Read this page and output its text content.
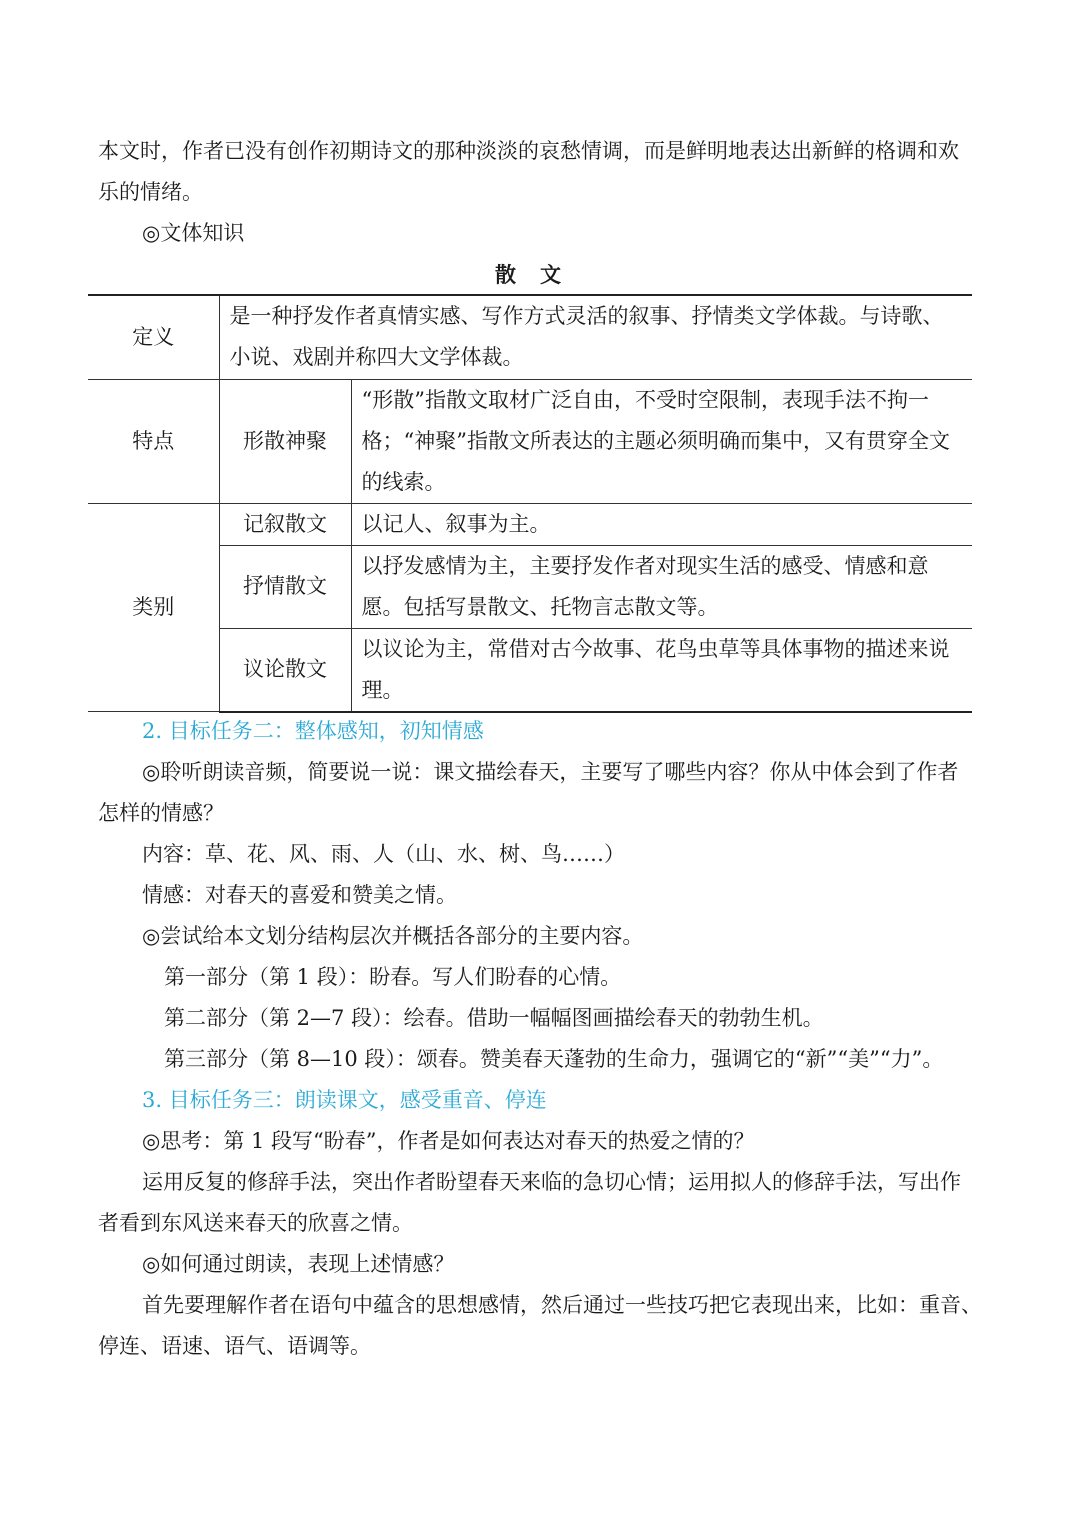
本文时，作者已没有创作初期诗文的那种淡淡的哀愁情调，而是鲜明地表达出新鲜的格调和欢

乐的情绪。

◎文体知识

散文
定义	是一种抒发作者真情实感、写作方式灵活的叙事、抒情类文学体裁。与诗歌、小说、戏剧并称四大文学体裁。	
特点	形散神聚	“形散”指散文取材广泛自由，不受时空限制，表现手法不拘一格；“神聚”指散文所表达的主题必须明确而集中，又有贯穿全文的线索。
类别	记叙散文	以记人、叙事为主。
	抒情散文	以抒发感情为主，主要抒发作者对现实生活的感受、情感和意愿。包括写景散文、托物言志散文等。
	议论散文	以议论为主，常借对古今故事、花鸟虫草等具体事物的描述来说理。

2. 目标任务二：整体感知，初知情感

◎聆听朗读音频，简要说一说：课文描绘春天，主要写了哪些内容？你从中体会到了作者

怎样的情感？

内容：草、花、风、雨、人（山、水、树、鸟……）

情感：对春天的喜爱和赞美之情。

◎尝试给本文划分结构层次并概括各部分的主要内容。

第一部分（第 1 段）：盼春。写人们盼春的心情。

第二部分（第 2—7 段）：绘春。借助一幅幅图画描绘春天的勃勃生机。

第三部分（第 8—10 段）：颂春。赞美春天蓬勃的生命力，强调它的“新”“美”“力”。

3. 目标任务三：朗读课文，感受重音、停连

◎思考：第 1 段写“盼春”，作者是如何表达对春天的热爱之情的？

运用反复的修辞手法，突出作者盼望春天来临的急切心情；运用拟人的修辞手法，写出作

者看到东风送来春天的欣喜之情。

◎如何通过朗读，表现上述情感？

首先要理解作者在语句中蕴含的思想感情，然后通过一些技巧把它表现出来，比如：重音、

停连、语速、语气、语调等。
